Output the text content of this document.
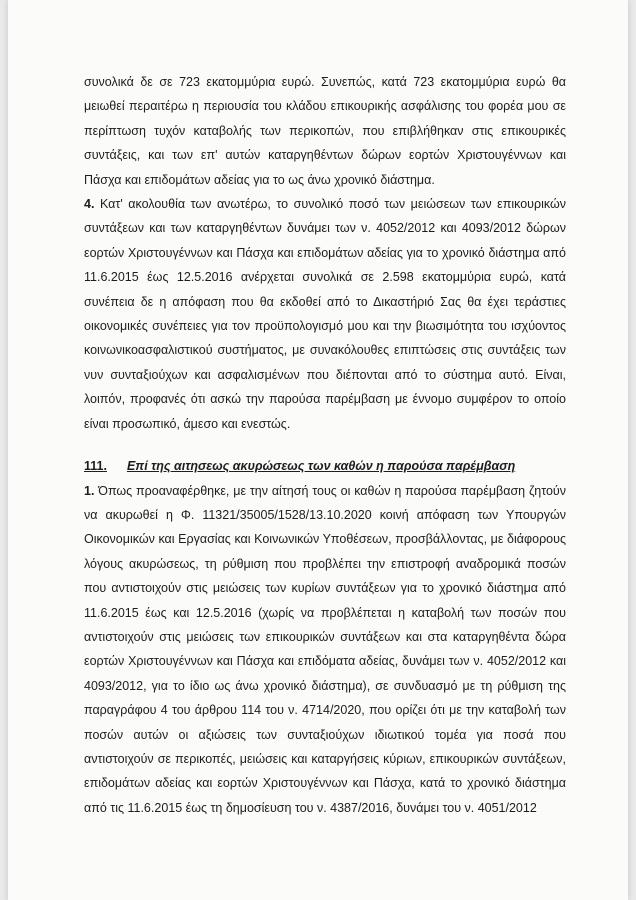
συνολικά δε σε 723 εκατομμύρια ευρώ. Συνεπώς, κατά 723 εκατομμύρια ευρώ θα μειωθεί περαιτέρω η περιουσία του κλάδου επικουρικής ασφάλισης του φορέα μου σε περίπτωση τυχόν καταβολής των περικοπών, που επιβλήθηκαν στις επικουρικές συντάξεις, και των επ' αυτών καταργηθέντων δώρων εορτών Χριστουγέννων και Πάσχα και επιδομάτων αδείας για το ως άνω χρονικό διάστημα.

4. Κατ' ακολουθία των ανωτέρω, το συνολικό ποσό των μειώσεων των επικουρικών συντάξεων και των καταργηθέντων δυνάμει των ν. 4052/2012 και 4093/2012 δώρων εορτών Χριστουγέννων και Πάσχα και επιδομάτων αδείας για το χρονικό διάστημα από 11.6.2015 έως 12.5.2016 ανέρχεται συνολικά σε 2.598 εκατομμύρια ευρώ, κατά συνέπεια δε η απόφαση που θα εκδοθεί από το Δικαστήριό Σας θα έχει τεράστιες οικονομικές συνέπειες για τον προϋπολογισμό μου και την βιωσιμότητα του ισχύοντος κοινωνικοασφαλιστικού συστήματος, με συνακόλουθες επιπτώσεις στις συντάξεις των νυν συνταξιούχων και ασφαλισμένων που διέπονται από το σύστημα αυτό. Είναι, λοιπόν, προφανές ότι ασκώ την παρούσα παρέμβαση με έννομο συμφέρον το οποίο είναι προσωπικό, άμεσο και ενεστώς.

111. Επί της αιτησεως ακυρώσεως των καθών η παρούσα παρέμβαση

1. Όπως προαναφέρθηκε, με την αίτησή τους οι καθών η παρούσα παρέμβαση ζητούν να ακυρωθεί η Φ. 11321/35005/1528/13.10.2020 κοινή απόφαση των Υπουργών Οικονομικών και Εργασίας και Κοινωνικών Υποθέσεων, προσβάλλοντας, με διάφορους λόγους ακυρώσεως, τη ρύθμιση που προβλέπει την επιστροφή αναδρομικά ποσών που αντιστοιχούν στις μειώσεις των κυρίων συντάξεων για το χρονικό διάστημα από 11.6.2015 έως και 12.5.2016 (χωρίς να προβλέπεται η καταβολή των ποσών που αντιστοιχούν στις μειώσεις των επικουρικών συντάξεων και στα καταργηθέντα δώρα εορτών Χριστουγέννων και Πάσχα και επιδόματα αδείας, δυνάμει των ν. 4052/2012 και 4093/2012, για το ίδιο ως άνω χρονικό διάστημα), σε συνδυασμό με τη ρύθμιση της παραγράφου 4 του άρθρου 114 του ν. 4714/2020, που ορίζει ότι με την καταβολή των ποσών αυτών οι αξιώσεις των συνταξιούχων ιδιωτικού τομέα για ποσά που αντιστοιχούν σε περικοπές, μειώσεις και καταργήσεις κύριων, επικουρικών συντάξεων, επιδομάτων αδείας και εορτών Χριστουγέννων και Πάσχα, κατά το χρονικό διάστημα από τις 11.6.2015 έως τη δημοσίευση του ν. 4387/2016, δυνάμει του ν. 4051/2012
